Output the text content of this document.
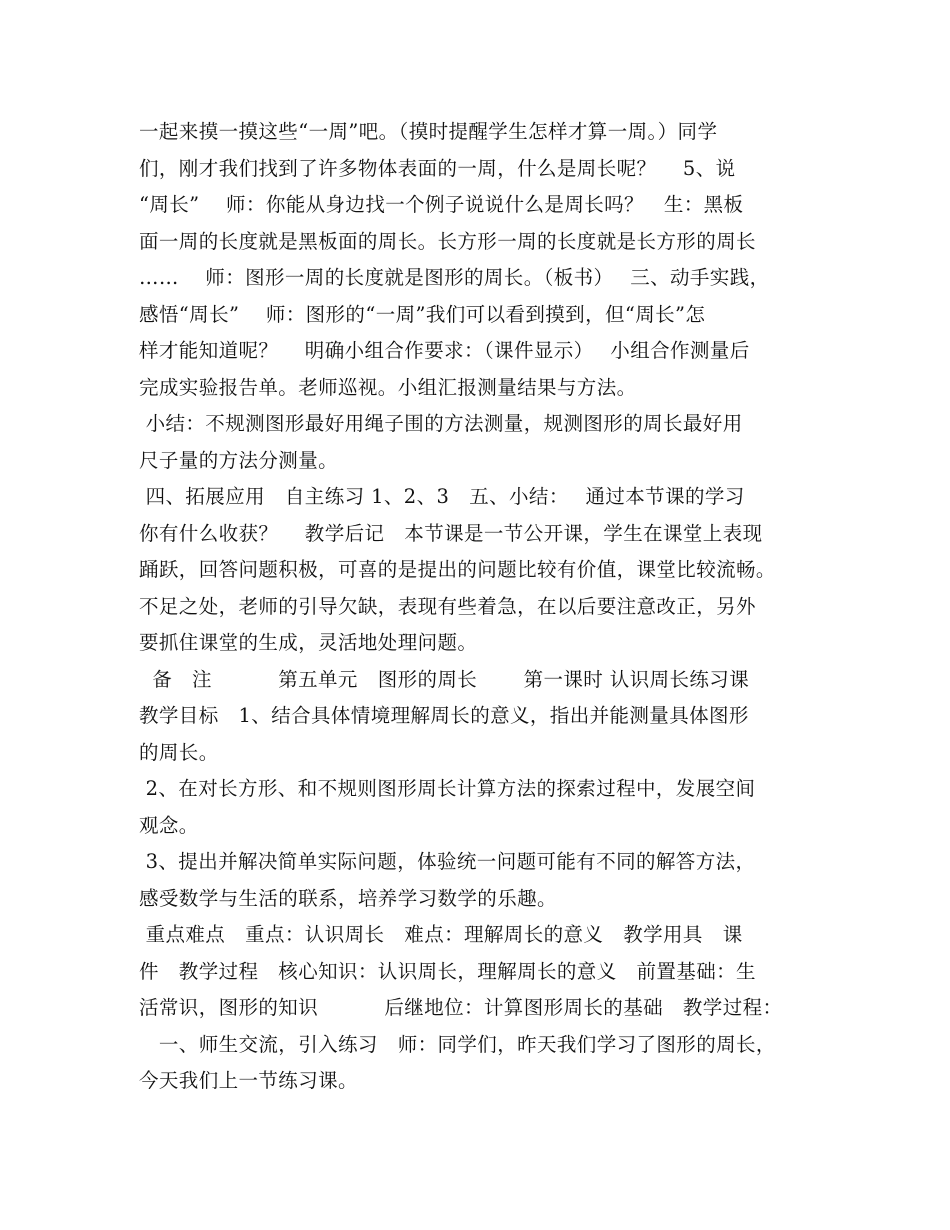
一起来摸一摸这些“一周”吧。（摸时提醒学生怎样才算一周。）同学
们，刚才我们找到了许多物体表面的一周，什么是周长呢？　 5、说
“周长”　 师：你能从身边找一个例子说说什么是周长吗？　生：黑板
面一周的长度就是黑板面的周长。长方形一周的长度就是长方形的周长
……　 师：图形一周的长度就是图形的周长。（板书）　 三、动手实践，
感悟“周长”　 师：图形的“一周”我们可以看到摸到，但“周长”怎
样才能知道呢？　 明确小组合作要求：（课件显示）　 小组合作测量后
完成实验报告单。老师巡视。小组汇报测量结果与方法。
小结：不规测图形最好用绳子围的方法测量，规测图形的周长最好用
尺子量的方法分测量。
四、拓展应用　自主练习 1、2、3　五、小结：　 通过本节课的学习
你有什么收获？　 教学后记　本节课是一节公开课，学生在课堂上表现
踊跃，回答问题积极，可喜的是提出的问题比较有价值，课堂比较流畅。
不足之处，老师的引导欠缺，表现有些着急，在以后要注意改正，另外
要抓住课堂的生成，灵活地处理问题。
备　注　　　 第五单元　图形的周长　　 第一课时 认识周长练习课
教学目标　1、结合具体情境理解周长的意义，指出并能测量具体图形
的周长。
2、在对长方形、和不规则图形周长计算方法的探索过程中，发展空间
观念。
3、提出并解决简单实际问题，体验统一问题可能有不同的解答方法，
感受数学与生活的联系，培养学习数学的乐趣。
重点难点　重点：认识周长　难点：理解周长的意义　教学用具　课
件　教学过程　核心知识：认识周长，理解周长的意义　前置基础：生
活常识，图形的知识　　　 后继地位：计算图形周长的基础　教学过程：
　一、师生交流，引入练习　师：同学们，昨天我们学习了图形的周长，
今天我们上一节练习课。
